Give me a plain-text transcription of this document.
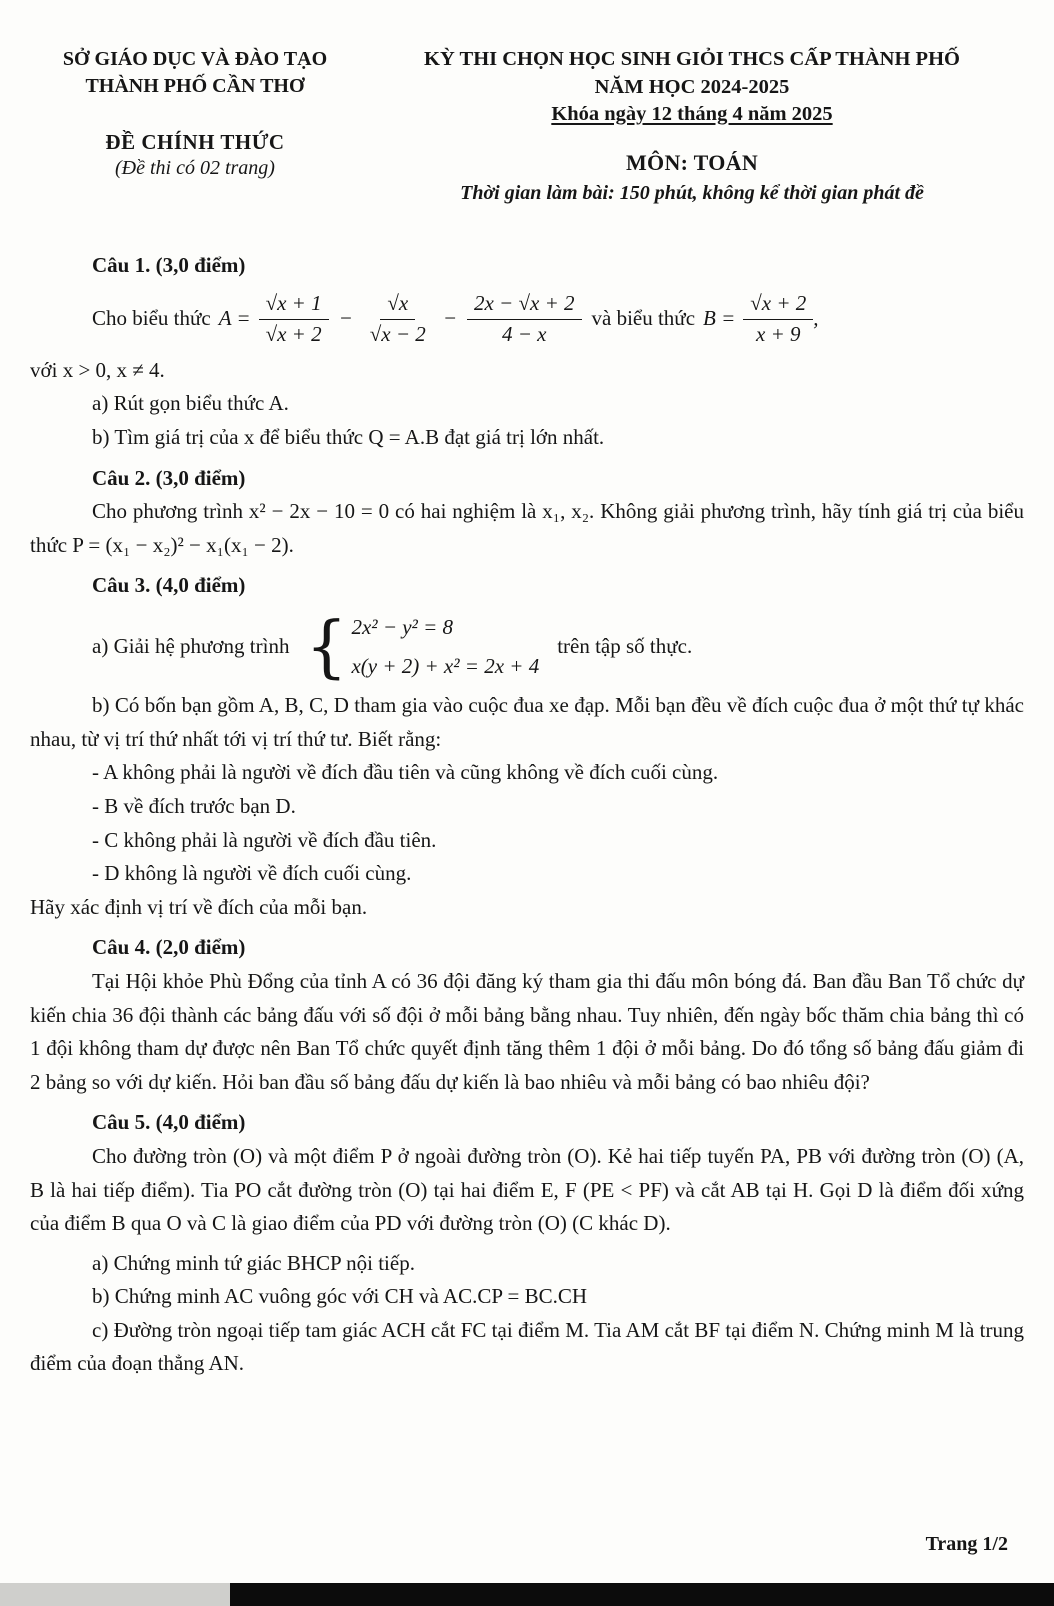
SỞ GIÁO DỤC VÀ ĐÀO TẠO
THÀNH PHỐ CẦN THƠ
ĐỀ CHÍNH THỨC
(Đề thi có 02 trang)
KỲ THI CHỌN HỌC SINH GIỎI THCS CẤP THÀNH PHỐ
NĂM HỌC 2024-2025
Khóa ngày 12 tháng 4 năm 2025
MÔN: TOÁN
Thời gian làm bài: 150 phút, không kể thời gian phát đề
Câu 1. (3,0 điểm)
Cho biểu thức $A = \frac{√x + 1}{√x + 2} - \frac{√x}{√x - 2} - \frac{2x - √x + 2}{4 - x}$ và biểu thức $B = \frac{√x + 2}{x + 9}$ ,
với x > 0, x ≠ 4.
a) Rút gọn biểu thức A.
b) Tìm giá trị của x để biểu thức Q = A.B đạt giá trị lớn nhất.
Câu 2. (3,0 điểm)
Cho phương trình x² − 2x − 10 = 0 có hai nghiệm là x₁, x₂. Không giải phương trình, hãy tính giá trị của biểu thức P = (x₁ − x₂)² − x₁(x₁ − 2).
Câu 3. (4,0 điểm)
a) Giải hệ phương trình { 2x² − y² = 8
x(y + 2) + x² = 2x + 4
trên tập số thực.
b) Có bốn bạn gồm A, B, C, D tham gia vào cuộc đua xe đạp. Mỗi bạn đều về đích cuộc đua ở một thứ tự khác nhau, từ vị trí thứ nhất tới vị trí thứ tư. Biết rằng:
- A không phải là người về đích đầu tiên và cũng không về đích cuối cùng.
- B về đích trước bạn D.
- C không phải là người về đích đầu tiên.
- D không là người về đích cuối cùng.
Hãy xác định vị trí về đích của mỗi bạn.
Câu 4. (2,0 điểm)
Tại Hội khỏe Phù Đổng của tỉnh A có 36 đội đăng ký tham gia thi đấu môn bóng đá. Ban đầu Ban Tổ chức dự kiến chia 36 đội thành các bảng đấu với số đội ở mỗi bảng bằng nhau. Tuy nhiên, đến ngày bốc thăm chia bảng thì có 1 đội không tham dự được nên Ban Tổ chức quyết định tăng thêm 1 đội ở mỗi bảng. Do đó tổng số bảng đấu giảm đi 2 bảng so với dự kiến. Hỏi ban đầu số bảng đấu dự kiến là bao nhiêu và mỗi bảng có bao nhiêu đội?
Câu 5. (4,0 điểm)
Cho đường tròn (O) và một điểm P ở ngoài đường tròn (O). Kẻ hai tiếp tuyến PA, PB với đường tròn (O) (A, B là hai tiếp điểm). Tia PO cắt đường tròn (O) tại hai điểm E, F (PE < PF) và cắt AB tại H. Gọi D là điểm đối xứng của điểm B qua O và C là giao điểm của PD với đường tròn (O) (C khác D).
a) Chứng minh tứ giác BHCP nội tiếp.
b) Chứng minh AC vuông góc với CH và AC.CP = BC.CH
c) Đường tròn ngoại tiếp tam giác ACH cắt FC tại điểm M. Tia AM cắt BF tại điểm N. Chứng minh M là trung điểm của đoạn thẳng AN.
Trang 1/2
